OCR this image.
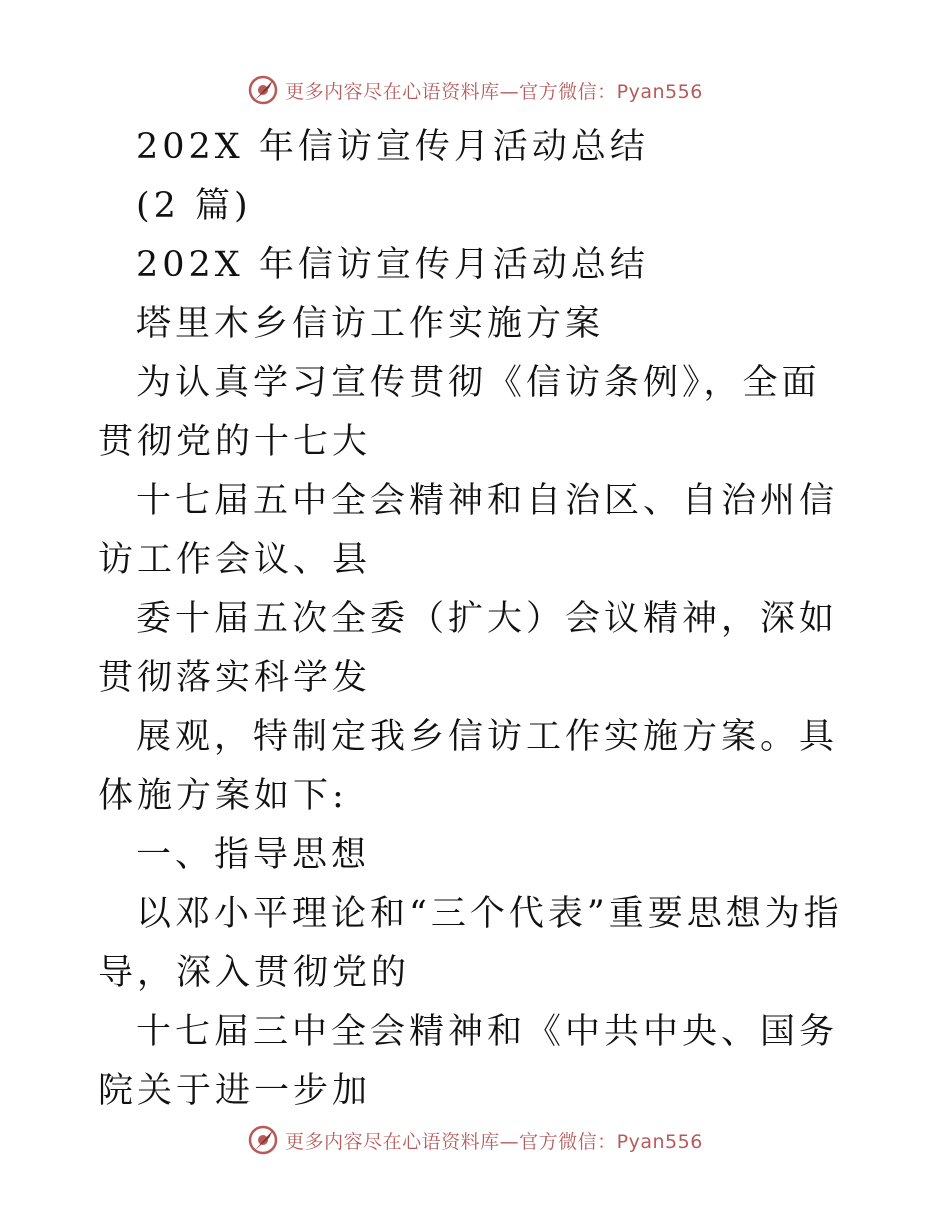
更多内容尽在心语资料库—官方微信：Pyan556

202X 年信访宣传月活动总结

(2 篇)

202X 年信访宣传月活动总结

塔里木乡信访工作实施方案

为认真学习宣传贯彻《信访条例》，全面贯彻党的十七大

十七届五中全会精神和自治区、自治州信访工作会议、县

委十届五次全委（扩大）会议精神，深如贯彻落实科学发

展观，特制定我乡信访工作实施方案。具体施方案如下:

一、指导思想

以邓小平理论和“三个代表”重要思想为指导，深入贯彻党的

十七届三中全会精神和《中共中央、国务院关于进一步加

更多内容尽在心语资料库—官方微信：Pyan556
